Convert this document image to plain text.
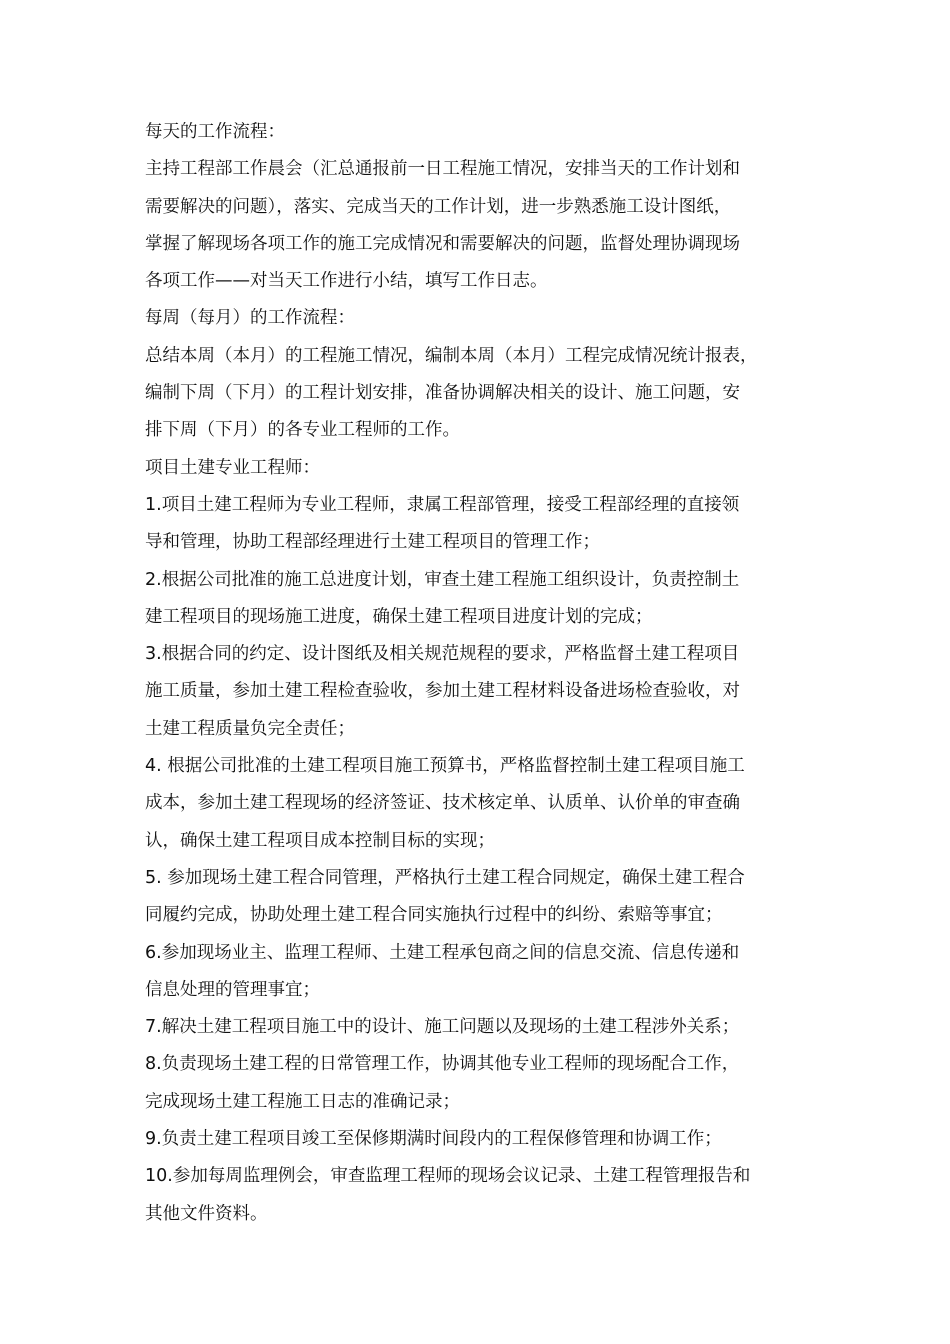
每天的工作流程：
主持工程部工作晨会（汇总通报前一日工程施工情况，安排当天的工作计划和
需要解决的问题），落实、完成当天的工作计划，进一步熟悉施工设计图纸，
掌握了解现场各项工作的施工完成情况和需要解决的问题，监督处理协调现场
各项工作——对当天工作进行小结，填写工作日志。
每周（每月）的工作流程：
总结本周（本月）的工程施工情况，编制本周（本月）工程完成情况统计报表，
编制下周（下月）的工程计划安排，准备协调解决相关的设计、施工问题，安
排下周（下月）的各专业工程师的工作。
项目土建专业工程师：
1.项目土建工程师为专业工程师，隶属工程部管理，接受工程部经理的直接领
导和管理，协助工程部经理进行土建工程项目的管理工作；
2.根据公司批准的施工总进度计划，审查土建工程施工组织设计，负责控制土
建工程项目的现场施工进度，确保土建工程项目进度计划的完成；
3.根据合同的约定、设计图纸及相关规范规程的要求，严格监督土建工程项目
施工质量，参加土建工程检查验收，参加土建工程材料设备进场检查验收，对
土建工程质量负完全责任；
4. 根据公司批准的土建工程项目施工预算书，严格监督控制土建工程项目施工
成本，参加土建工程现场的经济签证、技术核定单、认质单、认价单的审查确
认，确保土建工程项目成本控制目标的实现；
5. 参加现场土建工程合同管理，严格执行土建工程合同规定，确保土建工程合
同履约完成，协助处理土建工程合同实施执行过程中的纠纷、索赔等事宜；
6.参加现场业主、监理工程师、土建工程承包商之间的信息交流、信息传递和
信息处理的管理事宜；
7.解决土建工程项目施工中的设计、施工问题以及现场的土建工程涉外关系；
8.负责现场土建工程的日常管理工作，协调其他专业工程师的现场配合工作，
完成现场土建工程施工日志的准确记录；
9.负责土建工程项目竣工至保修期满时间段内的工程保修管理和协调工作；
10.参加每周监理例会，审查监理工程师的现场会议记录、土建工程管理报告和
其他文件资料。
